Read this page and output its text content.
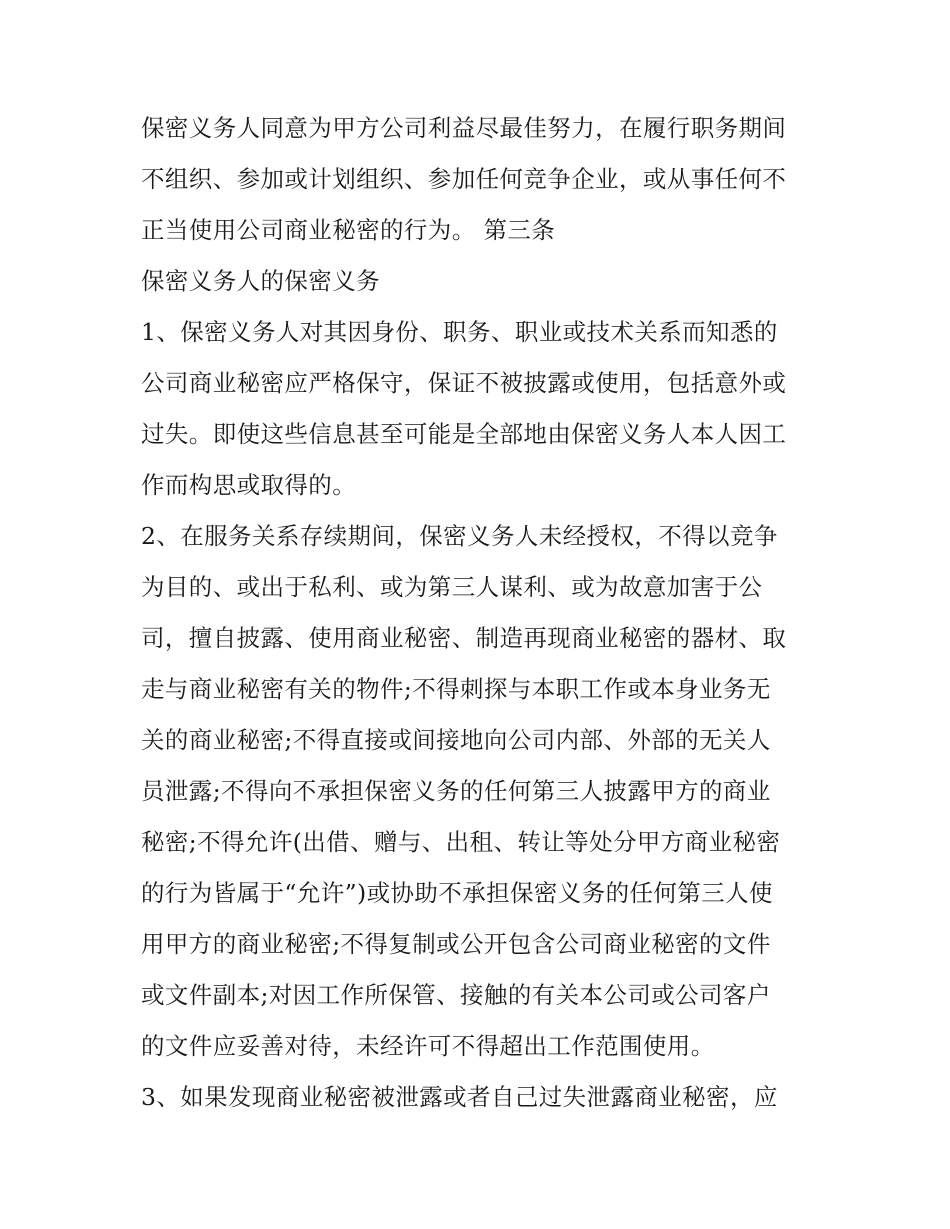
保密义务人同意为甲方公司利益尽最佳努力，在履行职务期间
不组织、参加或计划组织、参加任何竞争企业，或从事任何不
正当使用公司商业秘密的行为。 第三条
保密义务人的保密义务
1、保密义务人对其因身份、职务、职业或技术关系而知悉的
公司商业秘密应严格保守，保证不被披露或使用，包括意外或
过失。即使这些信息甚至可能是全部地由保密义务人本人因工
作而构思或取得的。
2、在服务关系存续期间，保密义务人未经授权，不得以竞争
为目的、或出于私利、或为第三人谋利、或为故意加害于公
司，擅自披露、使用商业秘密、制造再现商业秘密的器材、取
走与商业秘密有关的物件;不得刺探与本职工作或本身业务无
关的商业秘密;不得直接或间接地向公司内部、外部的无关人
员泄露;不得向不承担保密义务的任何第三人披露甲方的商业
秘密;不得允许(出借、赠与、出租、转让等处分甲方商业秘密
的行为皆属于“允许”)或协助不承担保密义务的任何第三人使
用甲方的商业秘密;不得复制或公开包含公司商业秘密的文件
或文件副本;对因工作所保管、接触的有关本公司或公司客户
的文件应妥善对待，未经许可不得超出工作范围使用。
3、如果发现商业秘密被泄露或者自己过失泄露商业秘密，应
